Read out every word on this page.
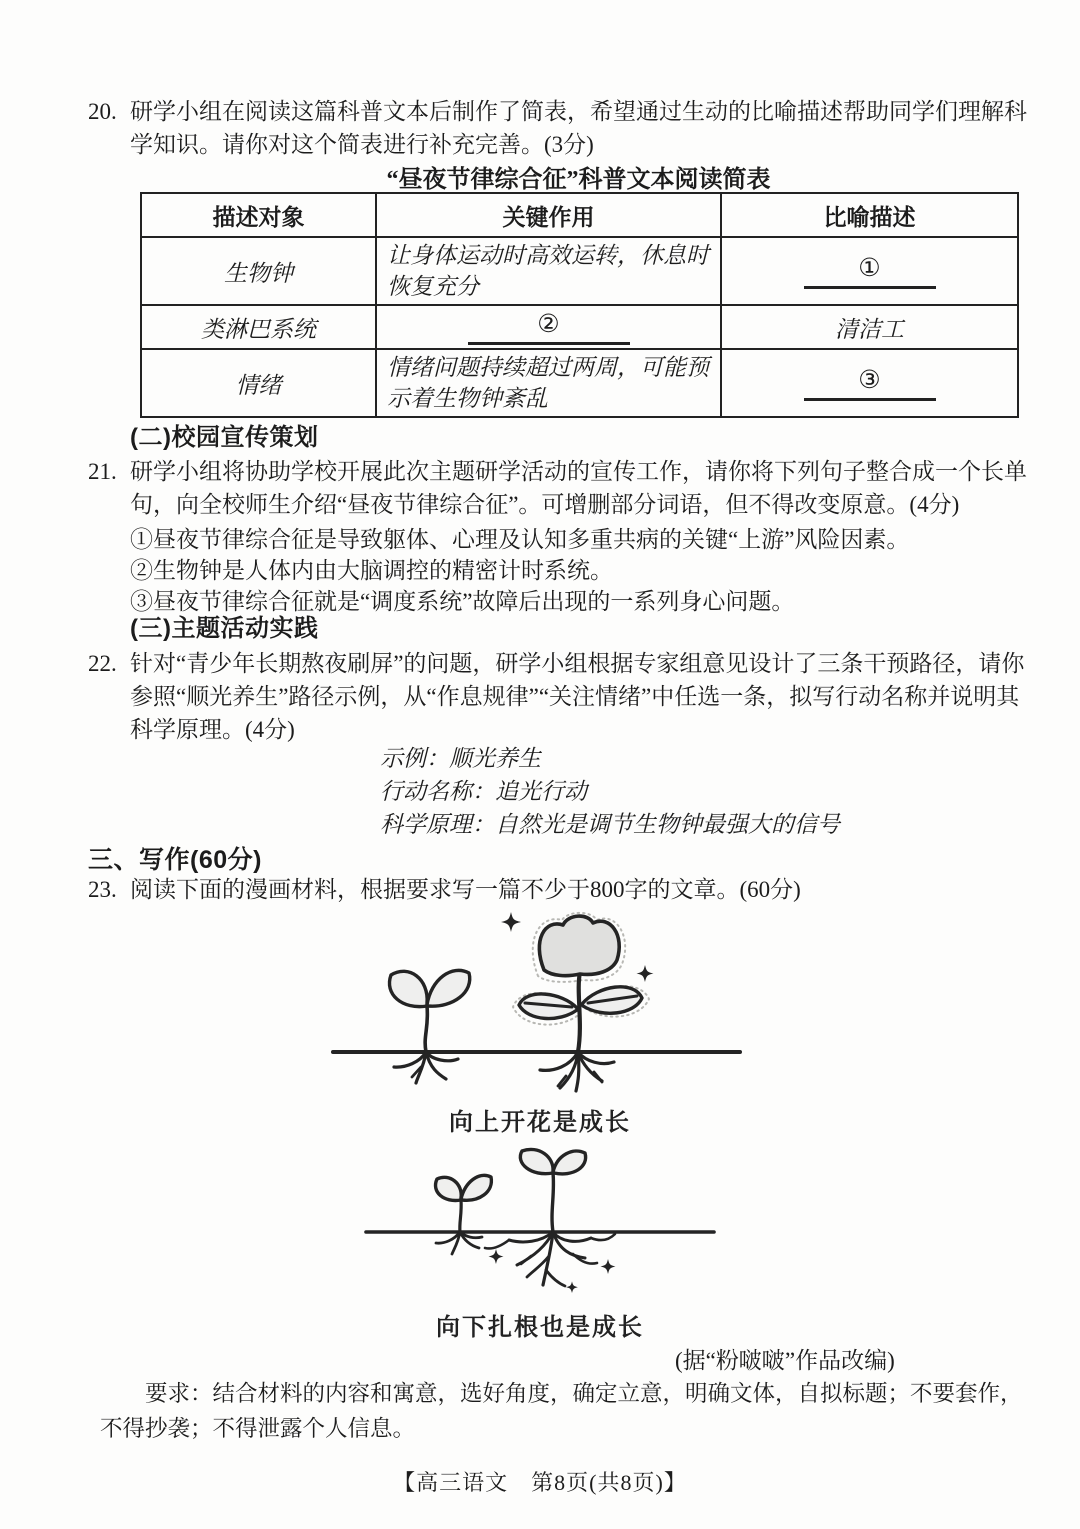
20. 研学小组在阅读这篇科普文本后制作了简表，希望通过生动的比喻描述帮助同学们理解科学知识。请你对这个简表进行补充完善。(3分)
“昼夜节律综合征”科普文本阅读简表
描述对象	关键作用	比喻描述
生物钟	让身体运动时高效运转，休息时恢复充分	①
类淋巴系统	②	清洁工
情绪	情绪问题持续超过两周，可能预示着生物钟紊乱	③
(二)校园宣传策划
21. 研学小组将协助学校开展此次主题研学活动的宣传工作，请你将下列句子整合成一个长单句，向全校师生介绍“昼夜节律综合征”。可增删部分词语，但不得改变原意。(4分)
①昼夜节律综合征是导致躯体、心理及认知多重共病的关键“上游”风险因素。
②生物钟是人体内由大脑调控的精密计时系统。
③昼夜节律综合征就是“调度系统”故障后出现的一系列身心问题。
(三)主题活动实践
22. 针对“青少年长期熬夜刷屏”的问题，研学小组根据专家组意见设计了三条干预路径，请你参照“顺光养生”路径示例，从“作息规律”“关注情绪”中任选一条，拟写行动名称并说明其科学原理。(4分)
示例：顺光养生
行动名称：追光行动
科学原理：自然光是调节生物钟最强大的信号
三、写作(60分)
23. 阅读下面的漫画材料，根据要求写一篇不少于800字的文章。(60分)
向上开花是成长
向下扎根也是成长
(据“粉啵啵”作品改编)
要求：结合材料的内容和寓意，选好角度，确定立意，明确文体，自拟标题；不要套作，不得抄袭；不得泄露个人信息。
【高三语文　第8页(共8页)】
